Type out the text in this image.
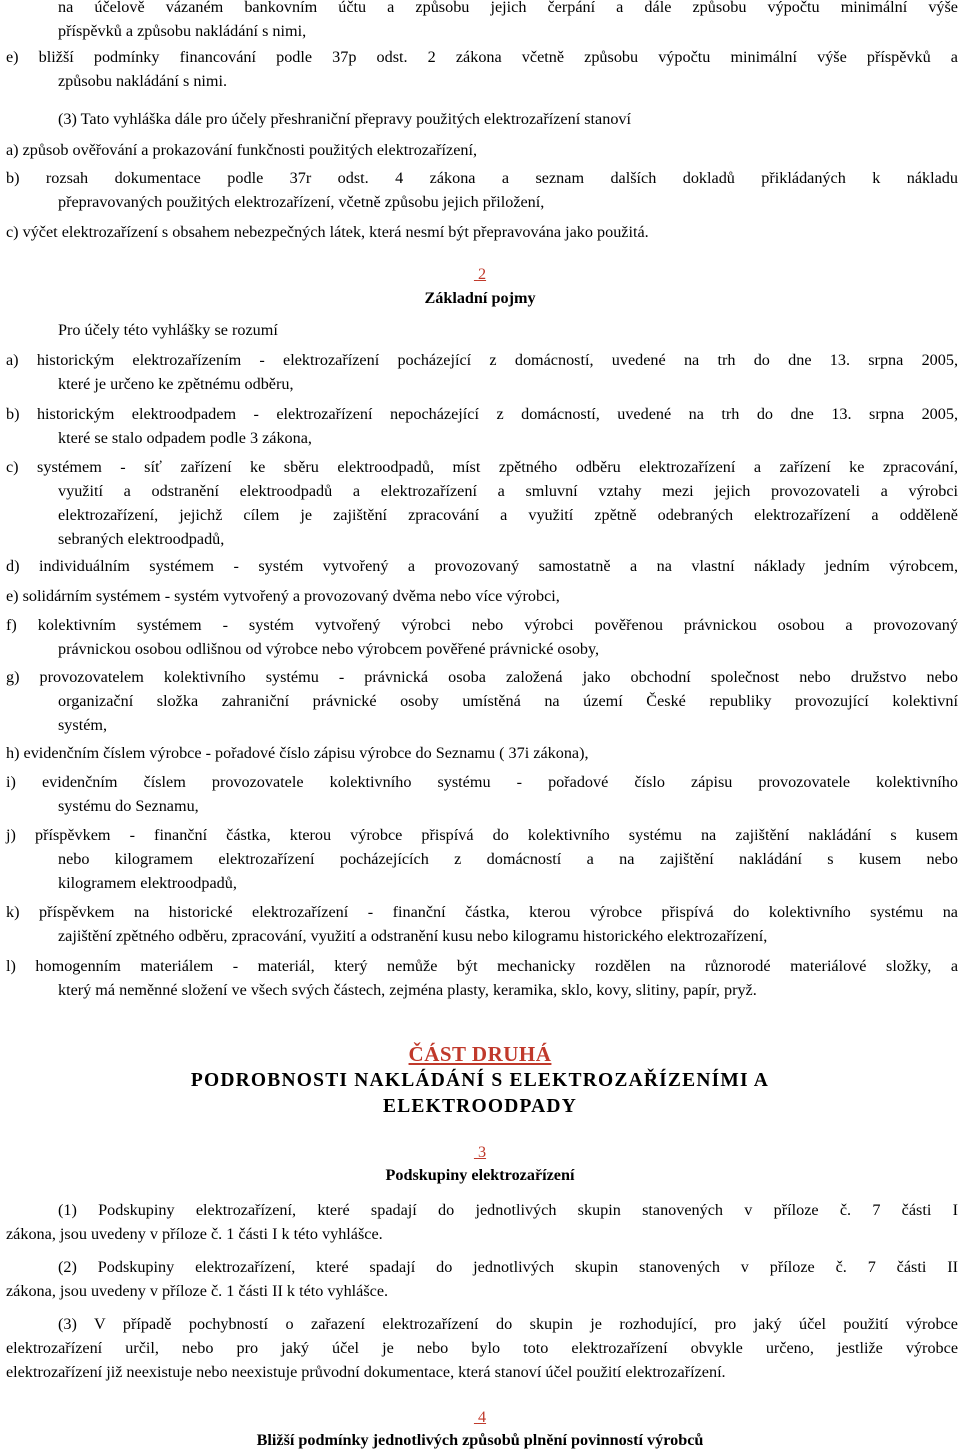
na účelově vázaném bankovním účtu a způsobu jejich čerpání a dále způsobu výpočtu minimální výše
příspěvků a způsobu nakládání s nimi,
e) bližší podmínky financování podle 37p odst. 2 zákona včetně způsobu výpočtu minimální výše příspěvků a
způsobu nakládání s nimi.
(3) Tato vyhláška dále pro účely přeshraniční přepravy použitých elektrozařízení stanoví
a) způsob ověřování a prokazování funkčnosti použitých elektrozařízení,
b) rozsah dokumentace podle 37r odst. 4 zákona a seznam dalších dokladů přikládaných k nákladu
přepravovaných použitých elektrozařízení, včetně způsobu jejich přiložení,
c) výčet elektrozařízení s obsahem nebezpečných látek, která nesmí být přepravována jako použitá.
2
Základní pojmy
Pro účely této vyhlášky se rozumí
a) historickým elektrozařízením - elektrozařízení pocházející z domácností, uvedené na trh do dne 13. srpna 2005,
které je určeno ke zpětnému odběru,
b) historickým elektroodpadem - elektrozařízení nepocházející z domácností, uvedené na trh do dne 13. srpna 2005,
které se stalo odpadem podle 3 zákona,
c) systémem - síť zařízení ke sběru elektroodpadů, míst zpětného odběru elektrozařízení a zařízení ke zpracování,
využití a odstranění elektroodpadů a elektrozařízení a smluvní vztahy mezi jejich provozovateli a výrobci
elektrozařízení, jejichž cílem je zajištění zpracování a využití zpětně odebraných elektrozařízení a odděleně
sebraných elektroodpadů,
d) individuálním systémem - systém vytvořený a provozovaný samostatně a na vlastní náklady jedním výrobcem,
e) solidárním systémem - systém vytvořený a provozovaný dvěma nebo více výrobci,
f) kolektivním systémem - systém vytvořený výrobci nebo výrobci pověřenou právnickou osobou a provozovaný
právnickou osobou odlišnou od výrobce nebo výrobcem pověřené právnické osoby,
g) provozovatelem kolektivního systému - právnická osoba založená jako obchodní společnost nebo družstvo nebo
organizační složka zahraniční právnické osoby umístěná na území České republiky provozující kolektivní
systém,
h) evidenčním číslem výrobce - pořadové číslo zápisu výrobce do Seznamu ( 37i zákona),
i) evidenčním číslem provozovatele kolektivního systému - pořadové číslo zápisu provozovatele kolektivního
systému do Seznamu,
j) příspěvkem - finanční částka, kterou výrobce přispívá do kolektivního systému na zajištění nakládání s kusem
nebo kilogramem elektrozařízení pocházejících z domácností a na zajištění nakládání s kusem nebo
kilogramem elektroodpadů,
k) příspěvkem na historické elektrozařízení - finanční částka, kterou výrobce přispívá do kolektivního systému na
zajištění zpětného odběru, zpracování, využití a odstranění kusu nebo kilogramu historického elektrozařízení,
l) homogenním materiálem - materiál, který nemůže být mechanicky rozdělen na různorodé materiálové složky, a
který má neměnné složení ve všech svých částech, zejména plasty, keramika, sklo, kovy, slitiny, papír, pryž.
ČÁST DRUHÁ
PODROBNOSTI NAKLÁDÁNÍ S ELEKTROZAŘÍZENÍMI A
ELEKTROODPADY
3
Podskupiny elektrozařízení
(1) Podskupiny elektrozařízení, které spadají do jednotlivých skupin stanovených v příloze č. 7 části I
zákona, jsou uvedeny v příloze č. 1 části I k této vyhlášce.
(2) Podskupiny elektrozařízení, které spadají do jednotlivých skupin stanovených v příloze č. 7 části II
zákona, jsou uvedeny v příloze č. 1 části II k této vyhlášce.
(3) V případě pochybností o zařazení elektrozařízení do skupin je rozhodující, pro jaký účel použití výrobce
elektrozařízení určil, nebo pro jaký účel je nebo bylo toto elektrozařízení obvykle určeno, jestliže výrobce
elektrozařízení již neexistuje nebo neexistuje průvodní dokumentace, která stanoví účel použití elektrozařízení.
4
Bližší podmínky jednotlivých způsobů plnění povinností výrobců
